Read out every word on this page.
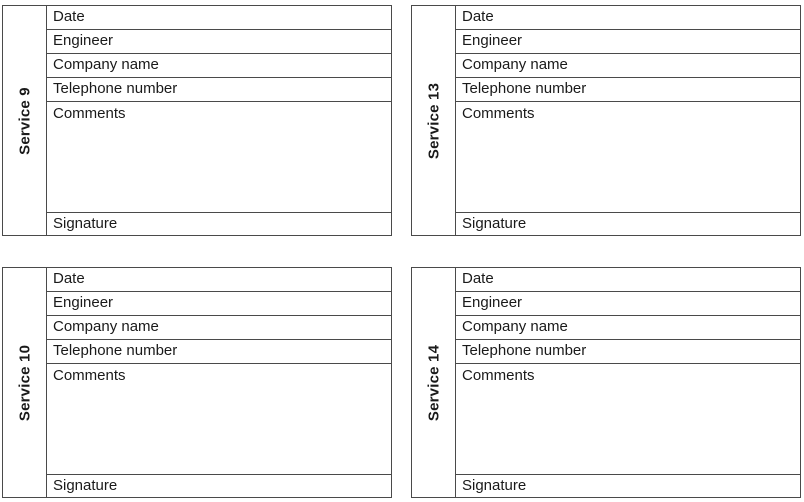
Service 9
Date
Engineer
Company name
Telephone number
Comments
Signature
Service 13
Date
Engineer
Company name
Telephone number
Comments
Signature
Service 10
Date
Engineer
Company name
Telephone number
Comments
Signature
Service 14
Date
Engineer
Company name
Telephone number
Comments
Signature
